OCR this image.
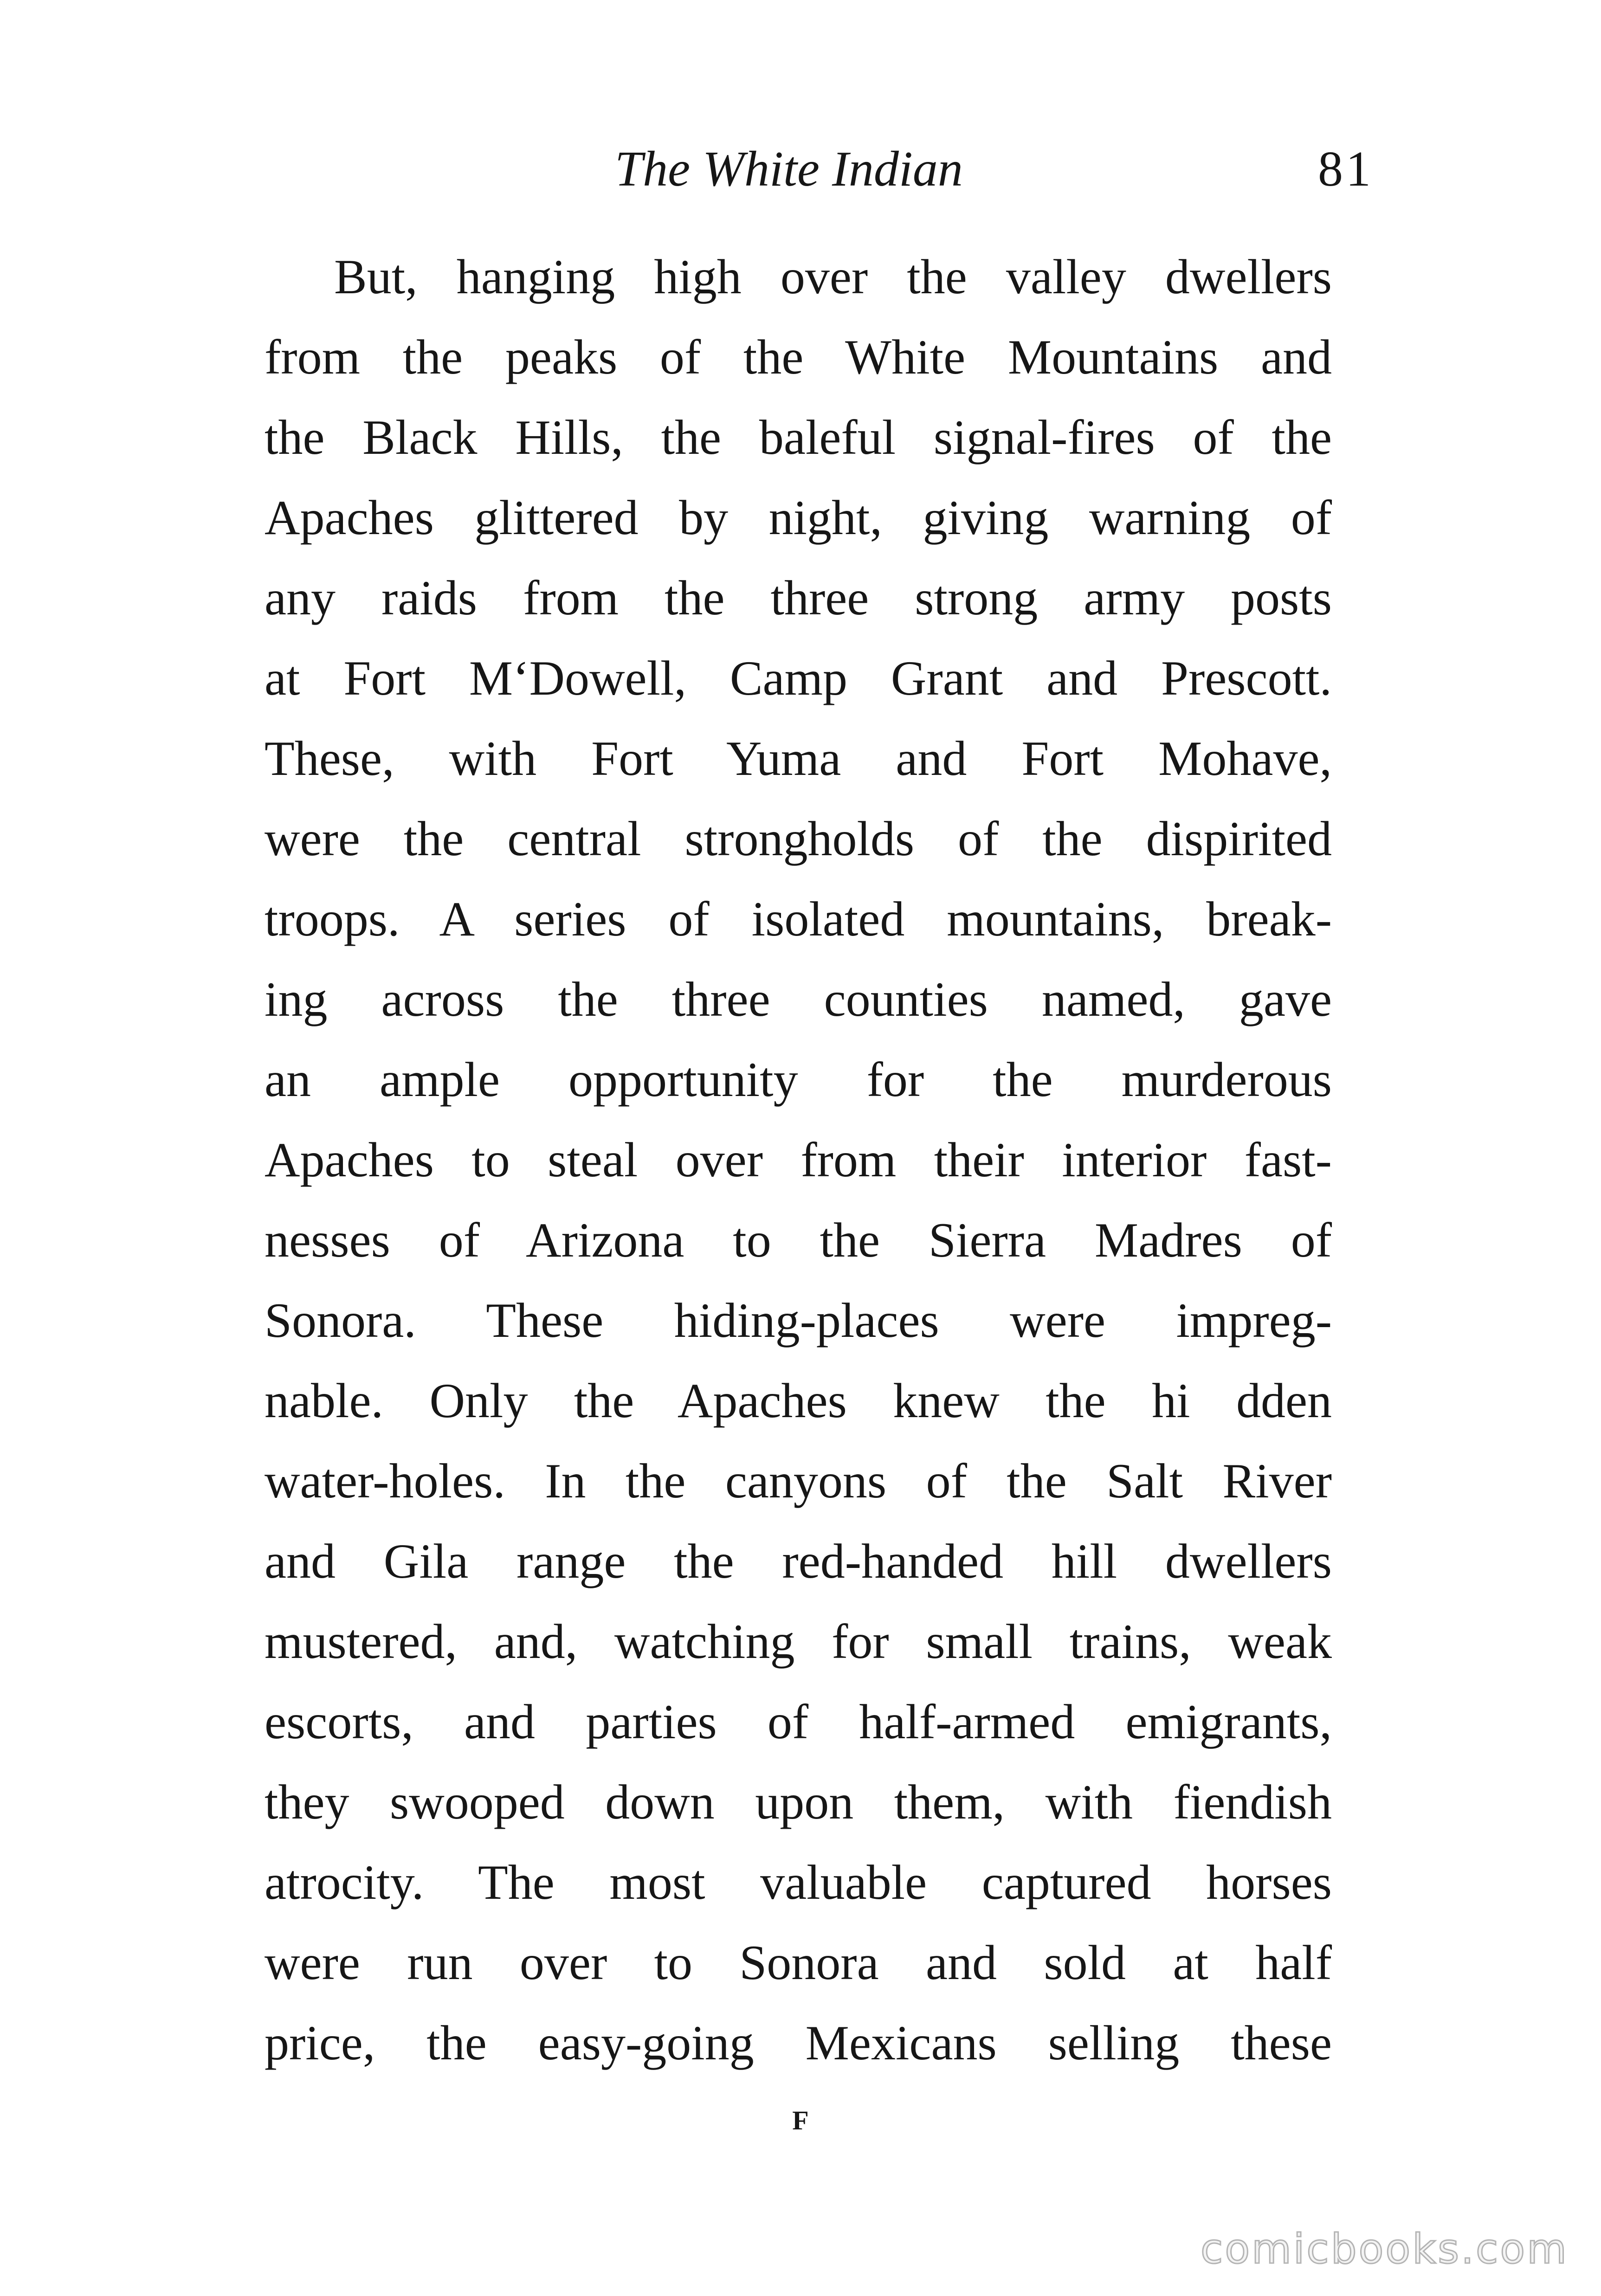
The White Indian	81
But, hanging high over the valley dwellers
from the peaks of the White Mountains and
the Black Hills, the baleful signal-fires of the
Apaches glittered by night, giving warning of
any raids from the three strong army posts
at Fort M‘Dowell, Camp Grant and Prescott.
These, with Fort Yuma and Fort Mohave,
were the central strongholds of the dispirited
troops. A series of isolated mountains, break-
ing across the three counties named, gave
an ample opportunity for the murderous
Apaches to steal over from their interior fast-
nesses of Arizona to the Sierra Madres of
Sonora. These hiding-places were impreg-
nable. Only the Apaches knew the hi dden
water-holes. In the canyons of the Salt River
and Gila range the red-handed hill dwellers
mustered, and, watching for small trains, weak
escorts, and parties of half-armed emigrants,
they swooped down upon them, with fiendish
atrocity. The most valuable captured horses
were run over to Sonora and sold at half
price, the easy-going Mexicans selling these
F
comicbooks.com
